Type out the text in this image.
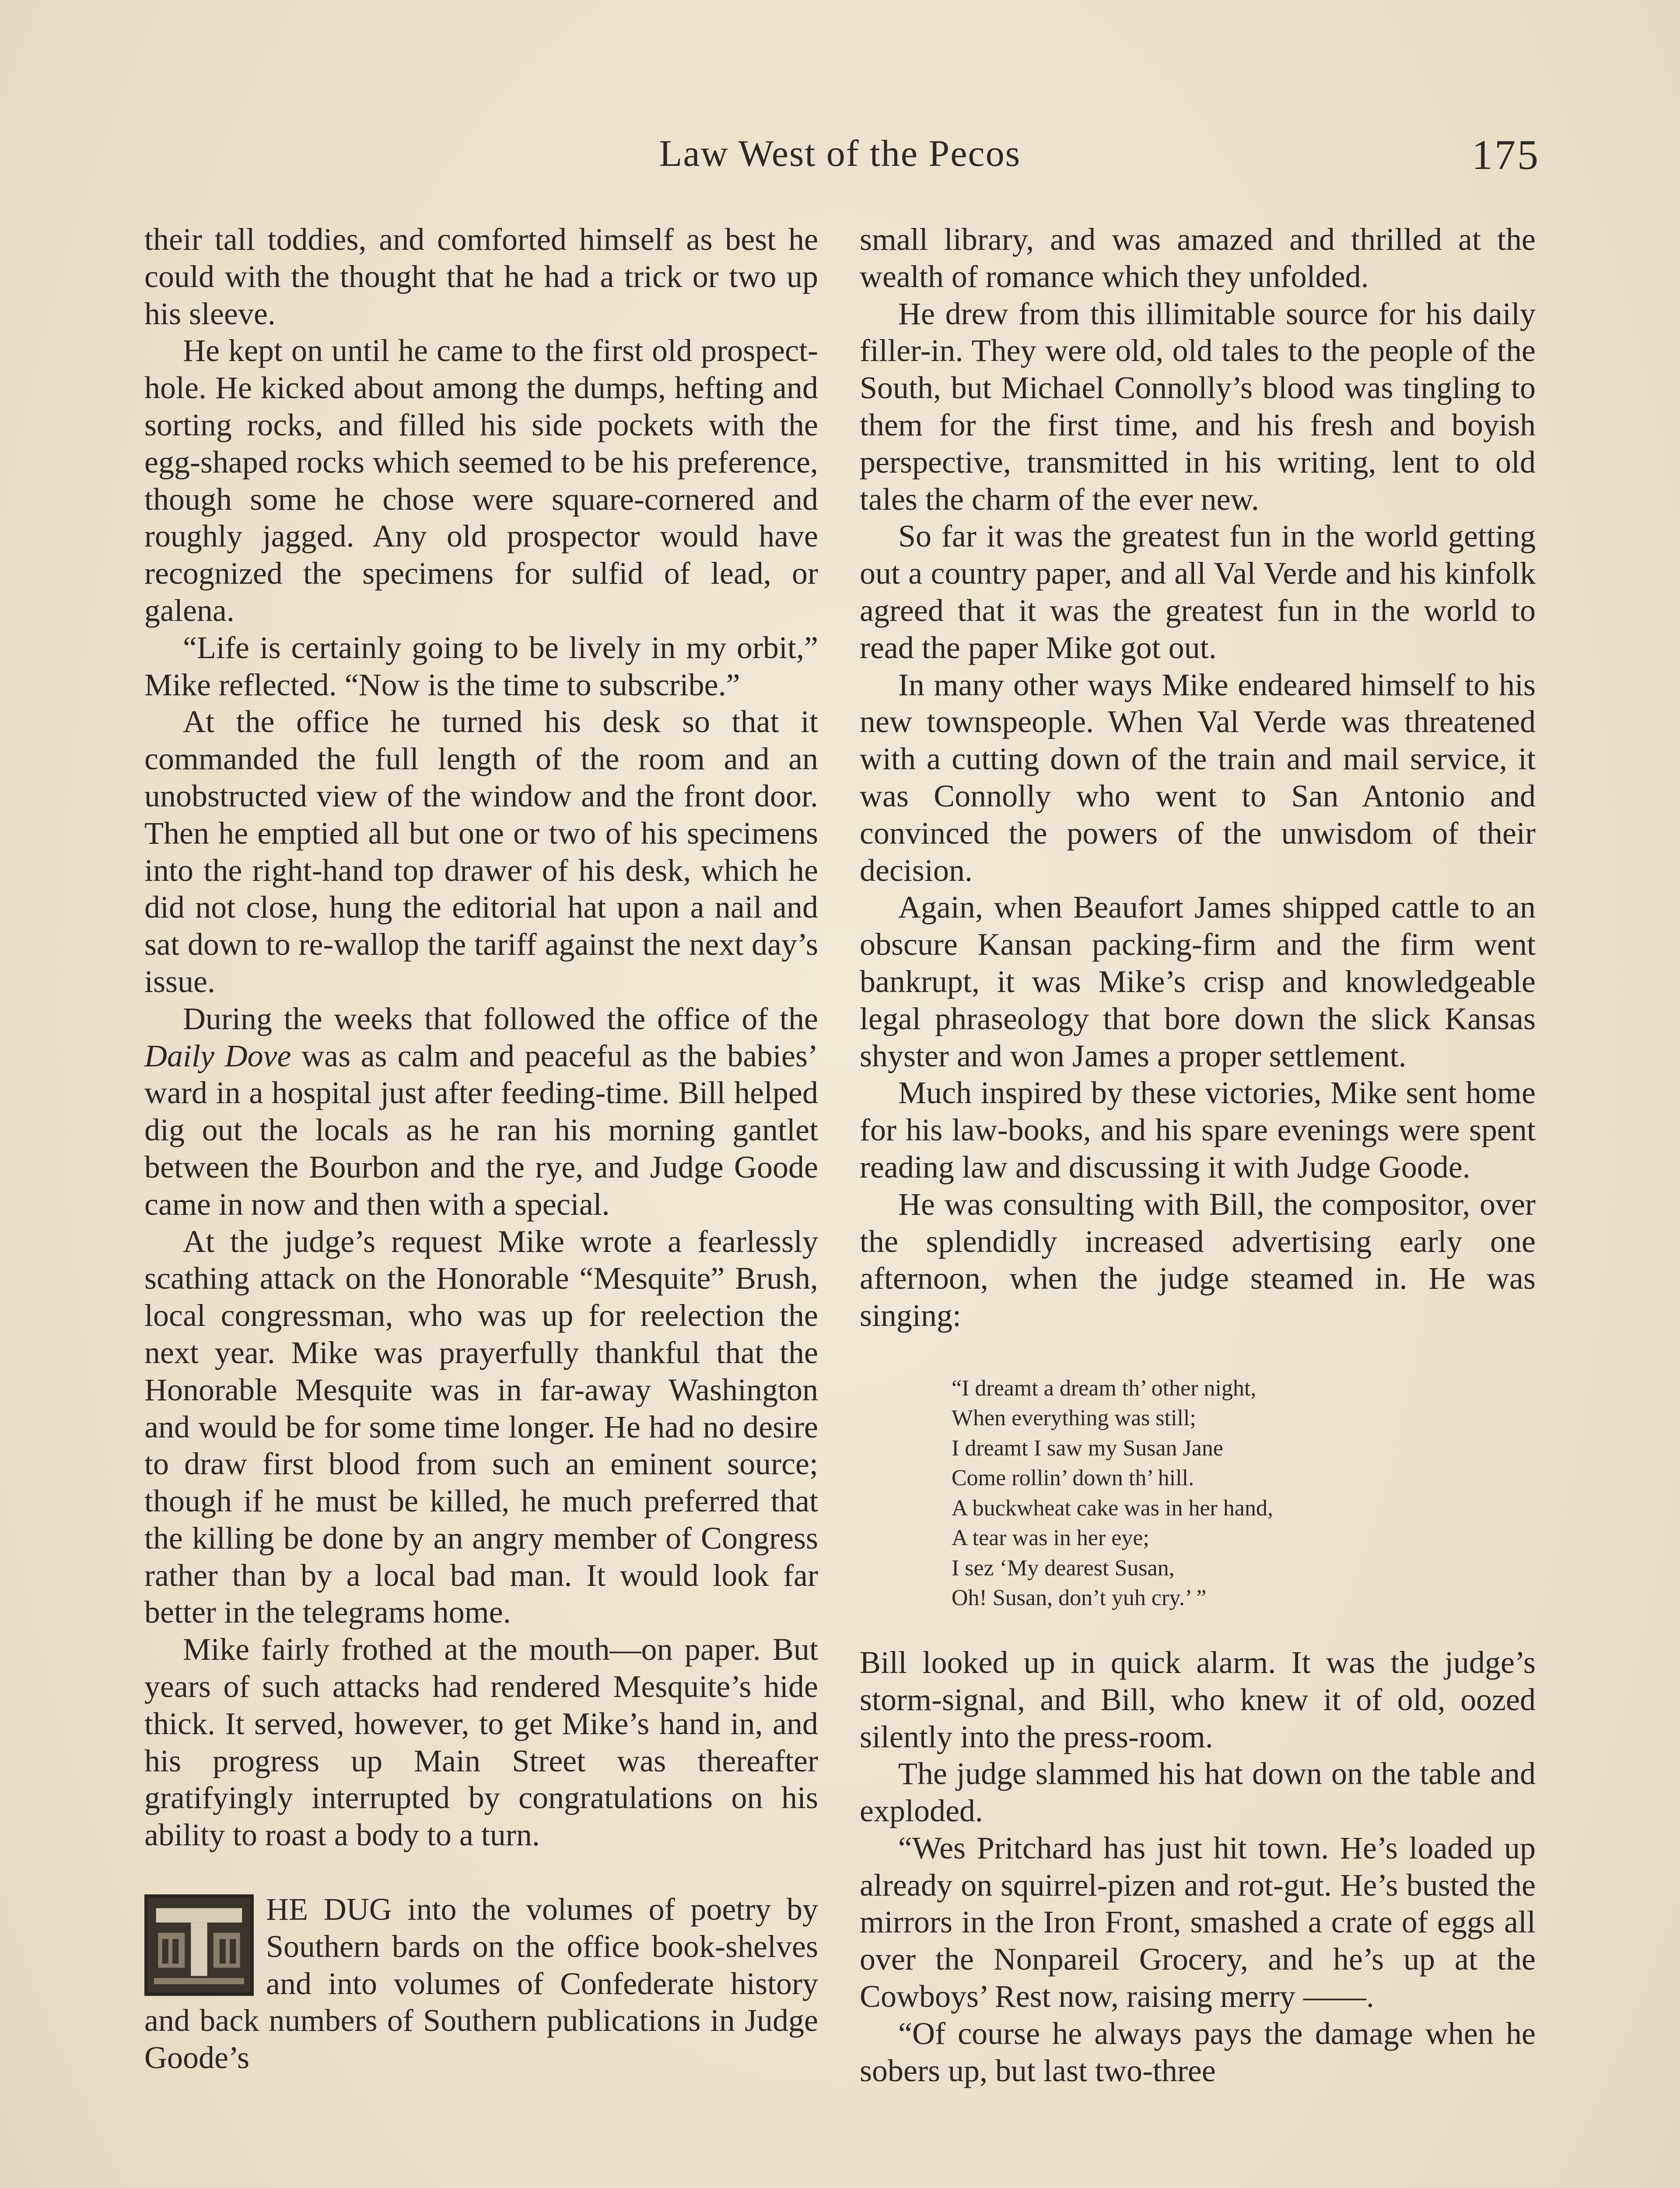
Law West of the Pecos	175

their tall toddies, and comforted himself as best he could with the thought that he had a trick or two up his sleeve.

He kept on until he came to the first old prospect-hole. He kicked about among the dumps, hefting and sorting rocks, and filled his side pockets with the egg-shaped rocks which seemed to be his preference, though some he chose were square-cornered and roughly jagged. Any old prospector would have recognized the specimens for sulfid of lead, or galena.

“Life is certainly going to be lively in my orbit,” Mike reflected. “Now is the time to subscribe.”

At the office he turned his desk so that it commanded the full length of the room and an unobstructed view of the window and the front door. Then he emptied all but one or two of his specimens into the right-hand top drawer of his desk, which he did not close, hung the editorial hat upon a nail and sat down to re-wallop the tariff against the next day’s issue.

During the weeks that followed the office of the Daily Dove was as calm and peaceful as the babies’ ward in a hospital just after feeding-time. Bill helped dig out the locals as he ran his morning gantlet between the Bourbon and the rye, and Judge Goode came in now and then with a special.

At the judge’s request Mike wrote a fearlessly scathing attack on the Honorable “Mesquite” Brush, local congressman, who was up for reelection the next year. Mike was prayerfully thankful that the Honorable Mesquite was in far-away Washington and would be for some time longer. He had no desire to draw first blood from such an eminent source; though if he must be killed, he much preferred that the killing be done by an angry member of Congress rather than by a local bad man. It would look far better in the telegrams home.

Mike fairly frothed at the mouth—on paper. But years of such attacks had rendered Mesquite’s hide thick. It served, however, to get Mike’s hand in, and his progress up Main Street was thereafter gratifyingly interrupted by congratulations on his ability to roast a body to a turn.

HE DUG into the volumes of poetry by Southern bards on the office book-shelves and into volumes of Confederate history and back numbers of Southern publications in Judge Goode’s

small library, and was amazed and thrilled at the wealth of romance which they unfolded.

He drew from this illimitable source for his daily filler-in. They were old, old tales to the people of the South, but Michael Connolly’s blood was tingling to them for the first time, and his fresh and boyish perspective, transmitted in his writing, lent to old tales the charm of the ever new.

So far it was the greatest fun in the world getting out a country paper, and all Val Verde and his kinfolk agreed that it was the greatest fun in the world to read the paper Mike got out.

In many other ways Mike endeared himself to his new townspeople. When Val Verde was threatened with a cutting down of the train and mail service, it was Connolly who went to San Antonio and convinced the powers of the unwisdom of their decision.

Again, when Beaufort James shipped cattle to an obscure Kansan packing-firm and the firm went bankrupt, it was Mike’s crisp and knowledgeable legal phraseology that bore down the slick Kansas shyster and won James a proper settlement.

Much inspired by these victories, Mike sent home for his law-books, and his spare evenings were spent reading law and discussing it with Judge Goode.

He was consulting with Bill, the compositor, over the splendidly increased advertising early one afternoon, when the judge steamed in. He was singing:

“I dreamt a dream th’ other night,
When everything was still;
I dreamt I saw my Susan Jane
Come rollin’ down th’ hill.
A buckwheat cake was in her hand,
A tear was in her eye;
I sez ‘My dearest Susan,
Oh! Susan, don’t yuh cry.’ ”

Bill looked up in quick alarm. It was the judge’s storm-signal, and Bill, who knew it of old, oozed silently into the press-room.

The judge slammed his hat down on the table and exploded.

“Wes Pritchard has just hit town. He’s loaded up already on squirrel-pizen and rot-gut. He’s busted the mirrors in the Iron Front, smashed a crate of eggs all over the Nonpareil Grocery, and he’s up at the Cowboys’ Rest now, raising merry ——.

“Of course he always pays the damage when he sobers up, but last two-three
